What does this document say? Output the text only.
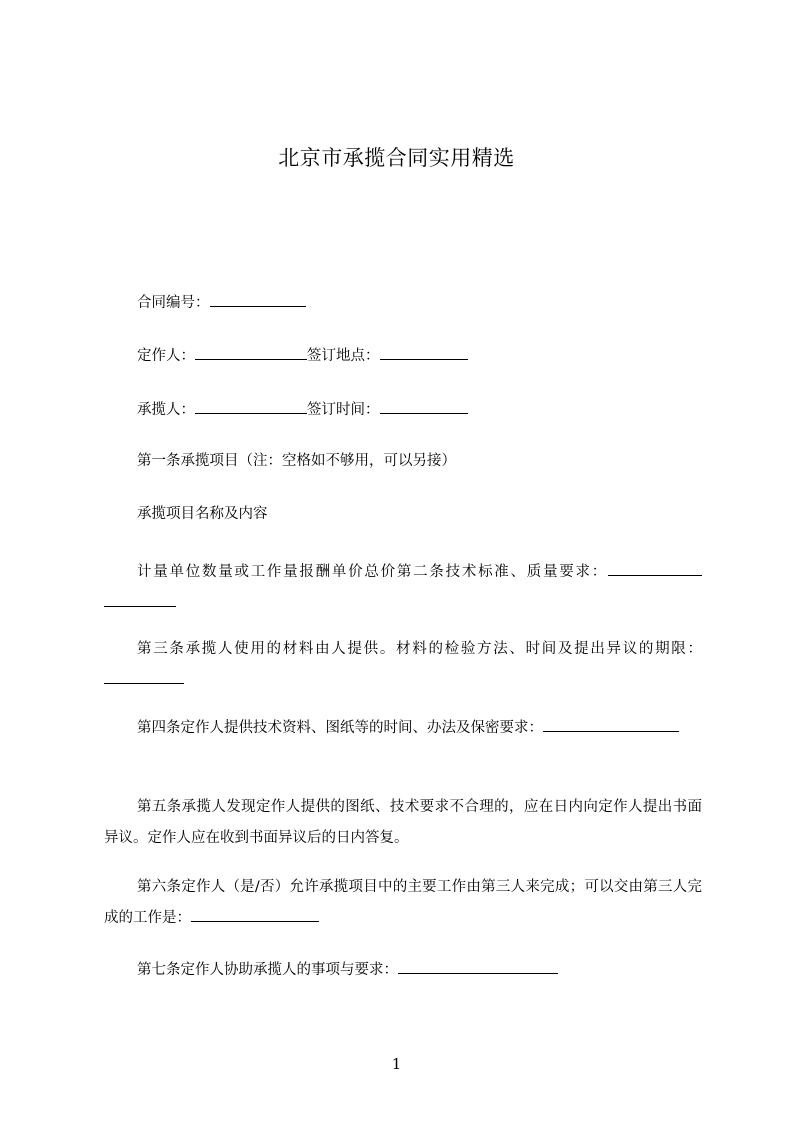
北京市承揽合同实用精选
合同编号：
定作人：	签订地点：
承揽人：	签订时间：
第一条承揽项目（注：空格如不够用，可以另接）
承揽项目名称及内容
计量单位数量或工作量报酬单价总价第二条技术标准、质量要求：
第三条承揽人使用的材料由人提供。材料的检验方法、时间及提出异议的期限：
第四条定作人提供技术资料、图纸等的时间、办法及保密要求：
第五条承揽人发现定作人提供的图纸、技术要求不合理的，应在日内向定作人提出书面异议。定作人应在收到书面异议后的日内答复。
第六条定作人（是/否）允许承揽项目中的主要工作由第三人来完成；可以交由第三人完成的工作是：
第七条定作人协助承揽人的事项与要求：
1
